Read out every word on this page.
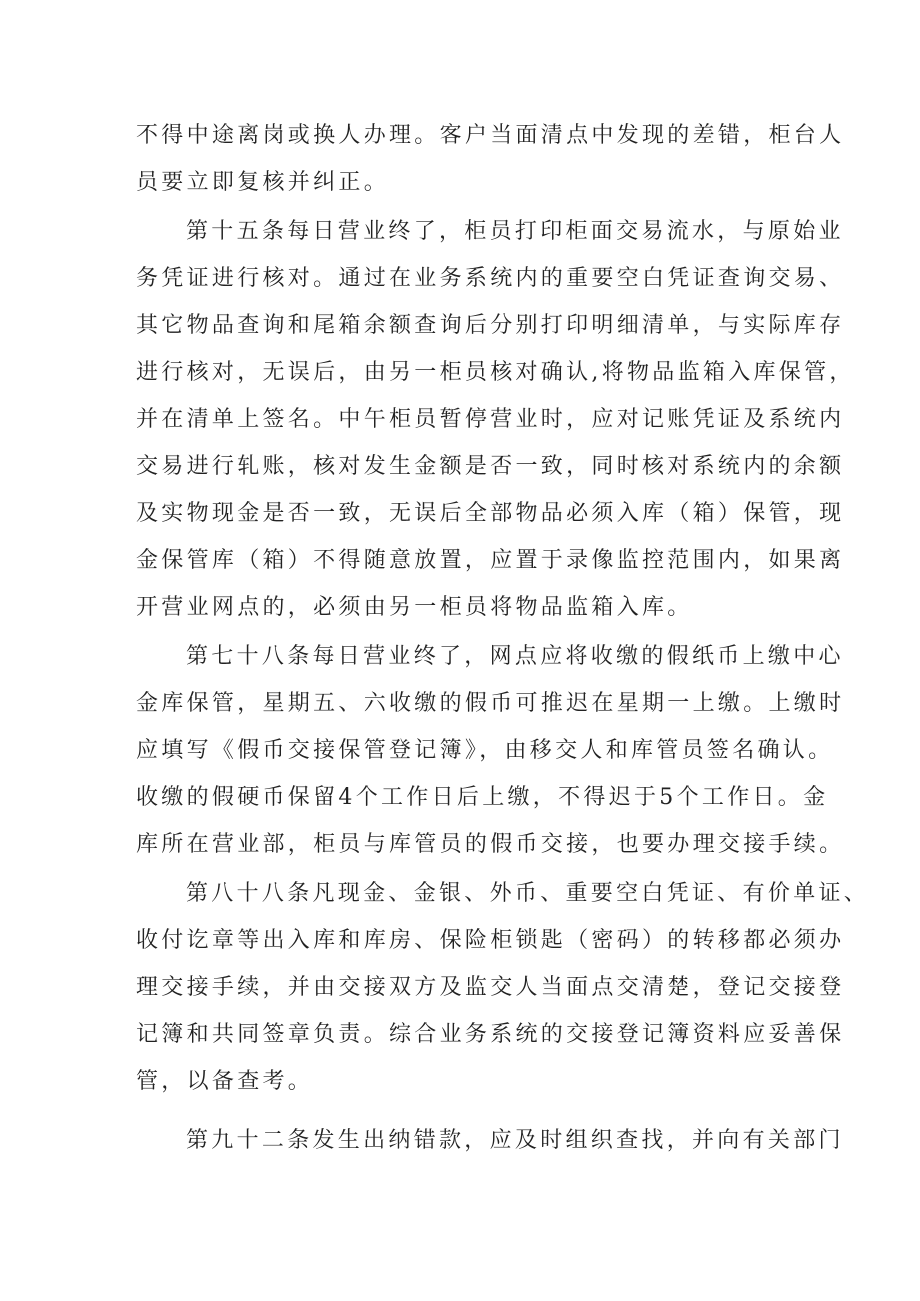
不得中途离岗或换人办理。客户当面清点中发现的差错，柜台人
员要立即复核并纠正。
第十五条每日营业终了，柜员打印柜面交易流水，与原始业
务凭证进行核对。通过在业务系统内的重要空白凭证查询交易、
其它物品查询和尾箱余额查询后分别打印明细清单，与实际库存
进行核对，无误后，由另一柜员核对确认,将物品监箱入库保管，
并在清单上签名。中午柜员暂停营业时，应对记账凭证及系统内
交易进行轧账，核对发生金额是否一致，同时核对系统内的余额
及实物现金是否一致，无误后全部物品必须入库（箱）保管，现
金保管库（箱）不得随意放置，应置于录像监控范围内，如果离
开营业网点的，必须由另一柜员将物品监箱入库。
第七十八条每日营业终了，网点应将收缴的假纸币上缴中心
金库保管，星期五、六收缴的假币可推迟在星期一上缴。上缴时
应填写《假币交接保管登记簿》，由移交人和库管员签名确认。
收缴的假硬币保留4个工作日后上缴，不得迟于5个工作日。金
库所在营业部，柜员与库管员的假币交接，也要办理交接手续。
第八十八条凡现金、金银、外币、重要空白凭证、有价单证、
收付讫章等出入库和库房、保险柜锁匙（密码）的转移都必须办
理交接手续，并由交接双方及监交人当面点交清楚，登记交接登
记簿和共同签章负责。综合业务系统的交接登记簿资料应妥善保
管，以备查考。
第九十二条发生出纳错款，应及时组织查找，并向有关部门
